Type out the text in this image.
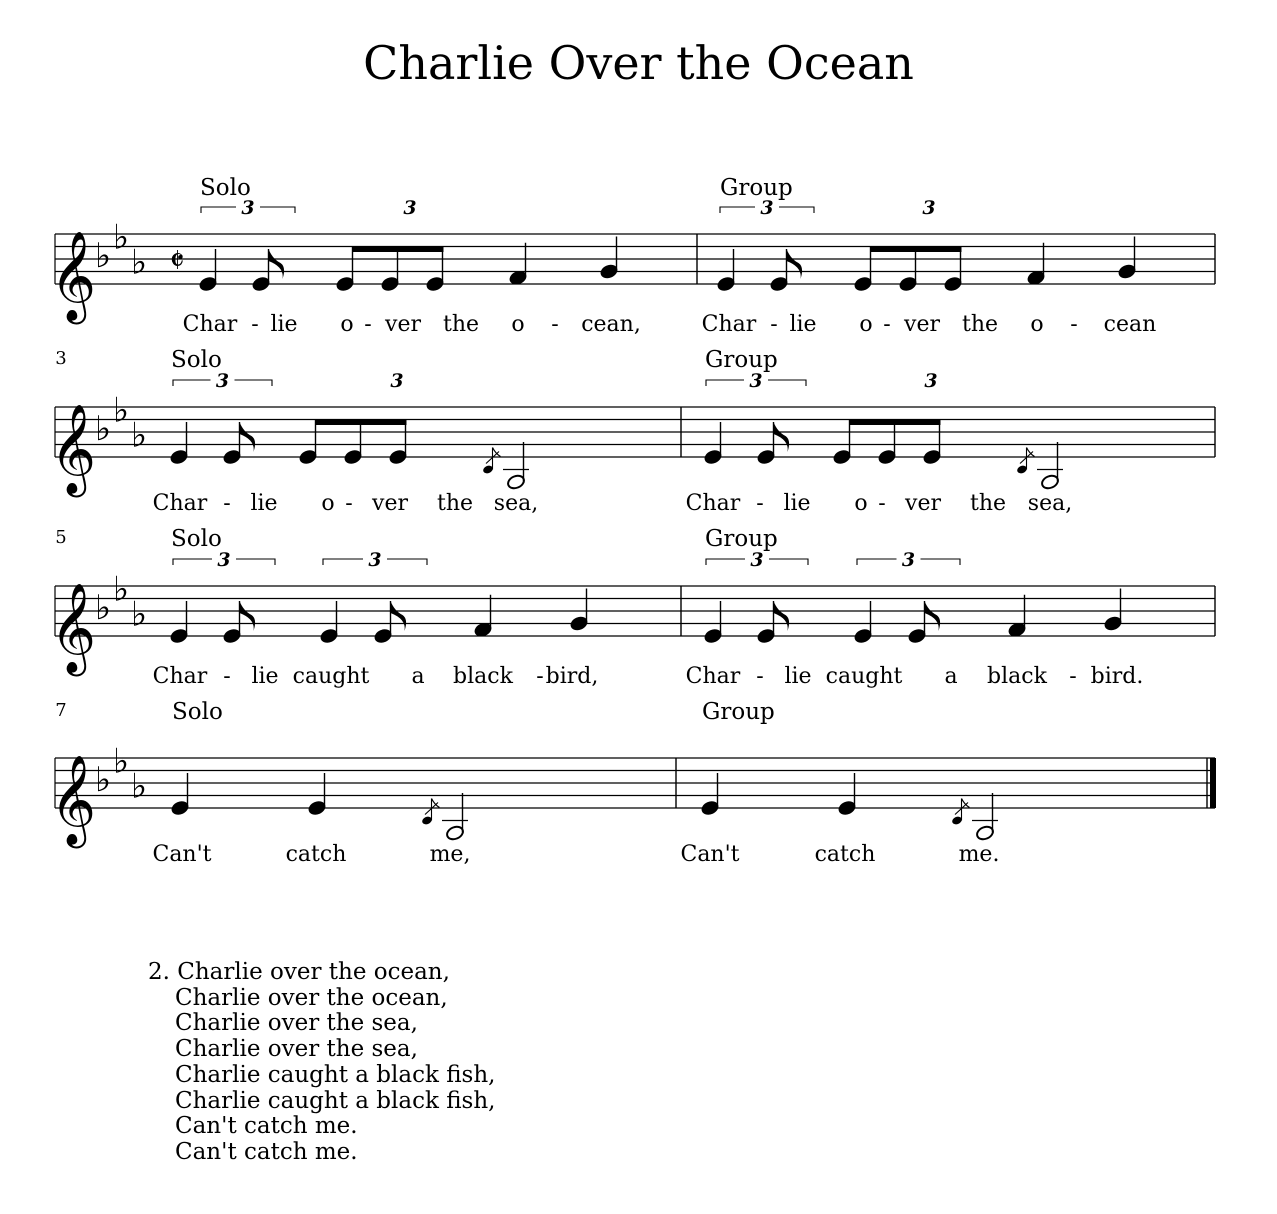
Charlie Over the Ocean
𝄞
♭ ♭
♭ 𝄵
3	3	3	3
Char - lie o - ver the o - cean,	Char - lie o - ver the o - cean
Solo	Group
𝄞
♭ ♭
♭
3	3	3	3
Char - lie o - ver the sea,	Char - lie o - ver the sea,
Solo	Group
3
𝄞
♭ ♭
♭
3	3	3	3
Char - lie caught a black - bird,	Char - lie caught a black - bird.
Solo	Group
5
𝄞
♭ ♭
♭
Can't	catch	me,	Can't	catch	me.
Solo	Group
7
2. Charlie over the ocean,
Charlie over the ocean,
Charlie over the sea,
Charlie over the sea,
Charlie caught a black fish,
Charlie caught a black fish,
Can't catch me.
Can't catch me.
